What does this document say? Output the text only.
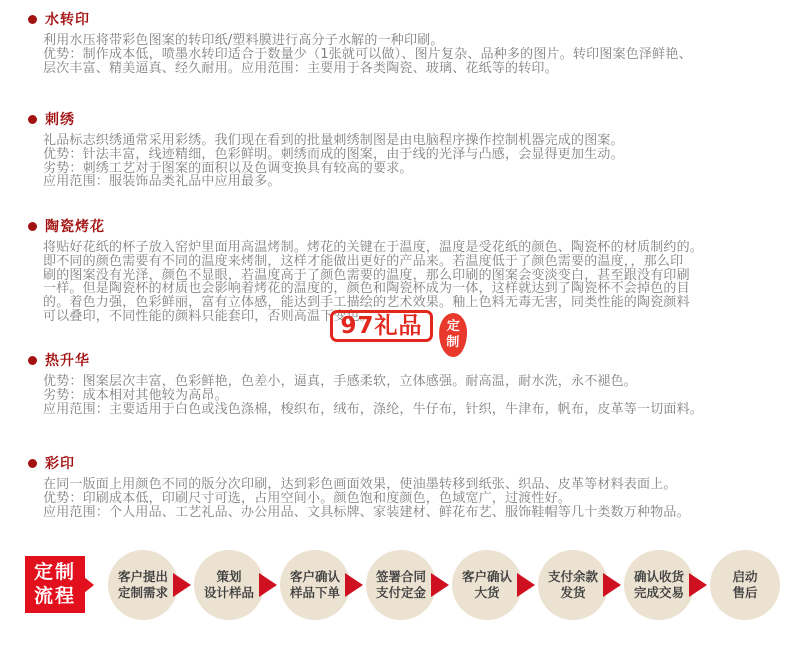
水转印
利用水压将带彩色图案的转印纸/塑料膜进行高分子水解的一种印刷。
优势：制作成本低，喷墨水转印适合于数量少（1张就可以做）、图片复杂、品种多的图片。转印图案色泽鲜艳、
层次丰富、精美逼真、经久耐用。应用范围：主要用于各类陶瓷、玻璃、花纸等的转印。
刺绣
礼品标志织绣通常采用彩绣。我们现在看到的批量刺绣制图是由电脑程序操作控制机器完成的图案。
优势：针法丰富，线迹精细，色彩鲜明。刺绣而成的图案，由于线的光泽与凸感，会显得更加生动。
劣势：刺绣工艺对于图案的面积以及色调变换具有较高的要求。
应用范围：服装饰品类礼品中应用最多。
陶瓷烤花
将贴好花纸的杯子放入窑炉里面用高温烤制。烤花的关键在于温度，温度是受花纸的颜色、陶瓷杯的材质制约的。
即不同的颜色需要有不同的温度来烤制，这样才能做出更好的产品来。若温度低于了颜色需要的温度，，那么印
刷的图案没有光泽，颜色不显眼，若温度高于了颜色需要的温度，那么印刷的图案会变淡变白，甚至跟没有印刷
一样。但是陶瓷杯的材质也会影响着烤花的温度的，颜色和陶瓷杯成为一体，这样就达到了陶瓷杯不会掉色的目
的。着色力强，色彩鲜丽，富有立体感，能达到手工描绘的艺术效果。釉上色料无毒无害，同类性能的陶瓷颜料
可以叠印，不同性能的颜料只能套印，否则高温下变色。
热升华
优势：图案层次丰富，色彩鲜艳，色差小，逼真，手感柔软，立体感强。耐高温，耐水洗，永不褪色。
劣势：成本相对其他较为高昂。
应用范围：主要适用于白色或浅色涤棉，梭织布，绒布，涤纶，牛仔布，针织，牛津布，帆布，皮革等一切面料。
彩印
在同一版面上用颜色不同的版分次印刷，达到彩色画面效果，使油墨转移到纸张、织品、皮革等材料表面上。
优势：印刷成本低，印刷尺寸可选，占用空间小。颜色饱和度颜色，色域宽广，过渡性好。
应用范围：个人用品、工艺礼品、办公用品、文具标牌、家装建材、鲜花布艺、服饰鞋帽等几十类数万种物品。
97礼品 定
制
定制
流程
客户提出
定制需求
策划
设计样品
客户确认
样品下单
签署合同
支付定金
客户确认
大货
支付余款
发货
确认收货
完成交易
启动
售后
